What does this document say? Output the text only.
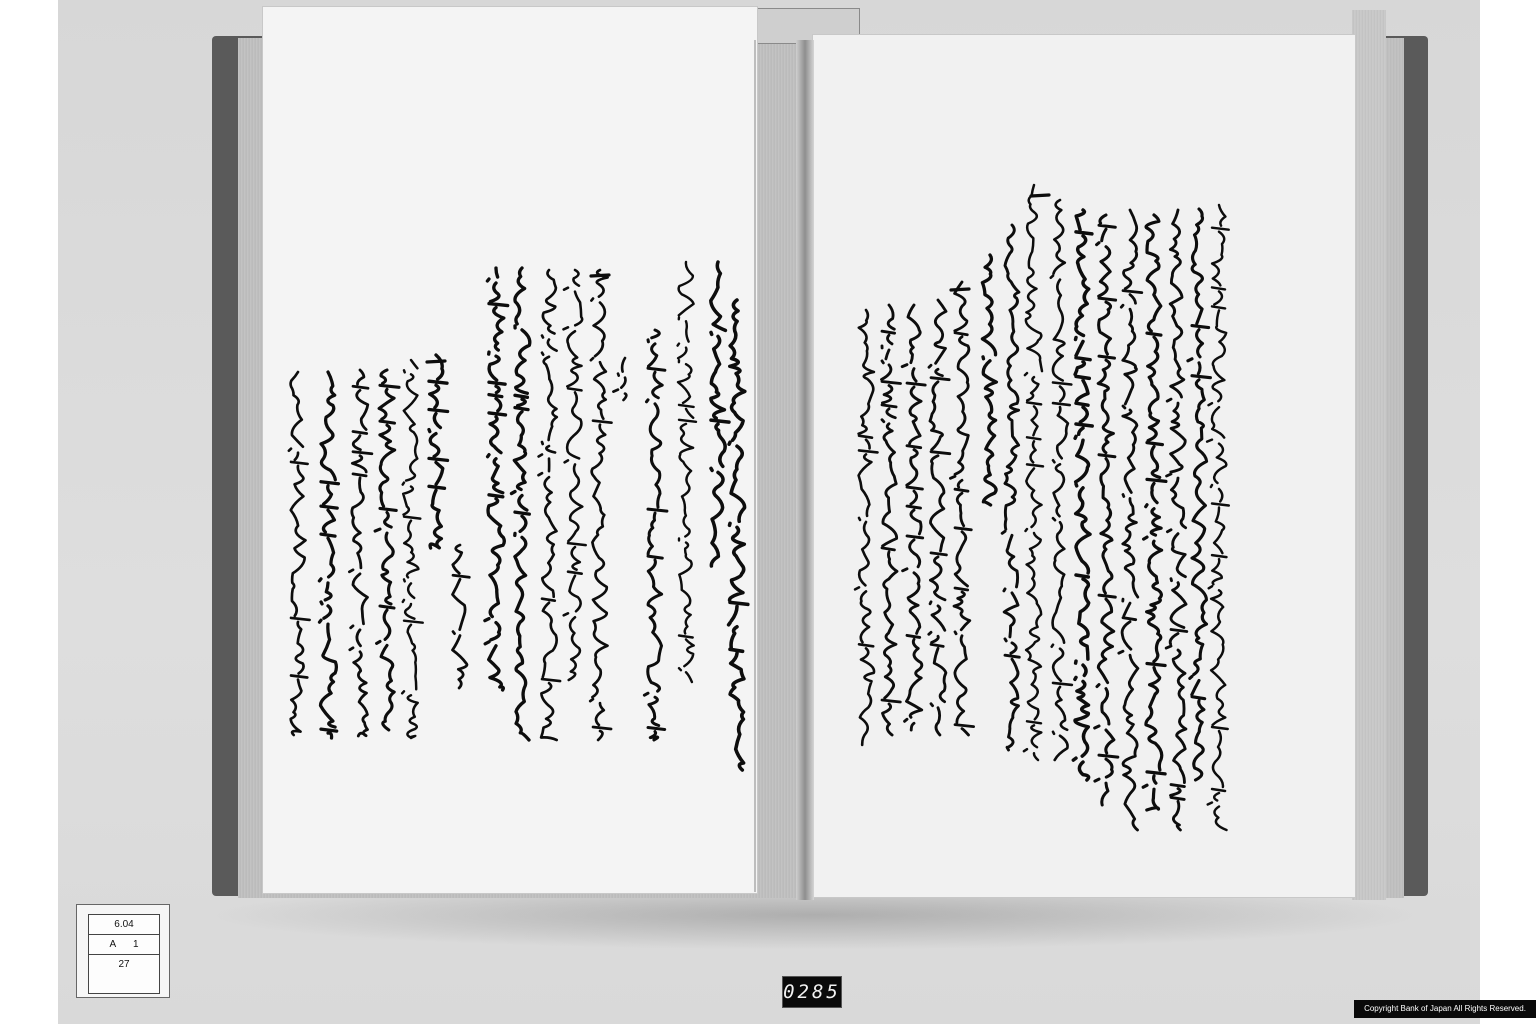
6.04
A 1
27
0285
Copyright Bank of Japan All Rights Reserved.
